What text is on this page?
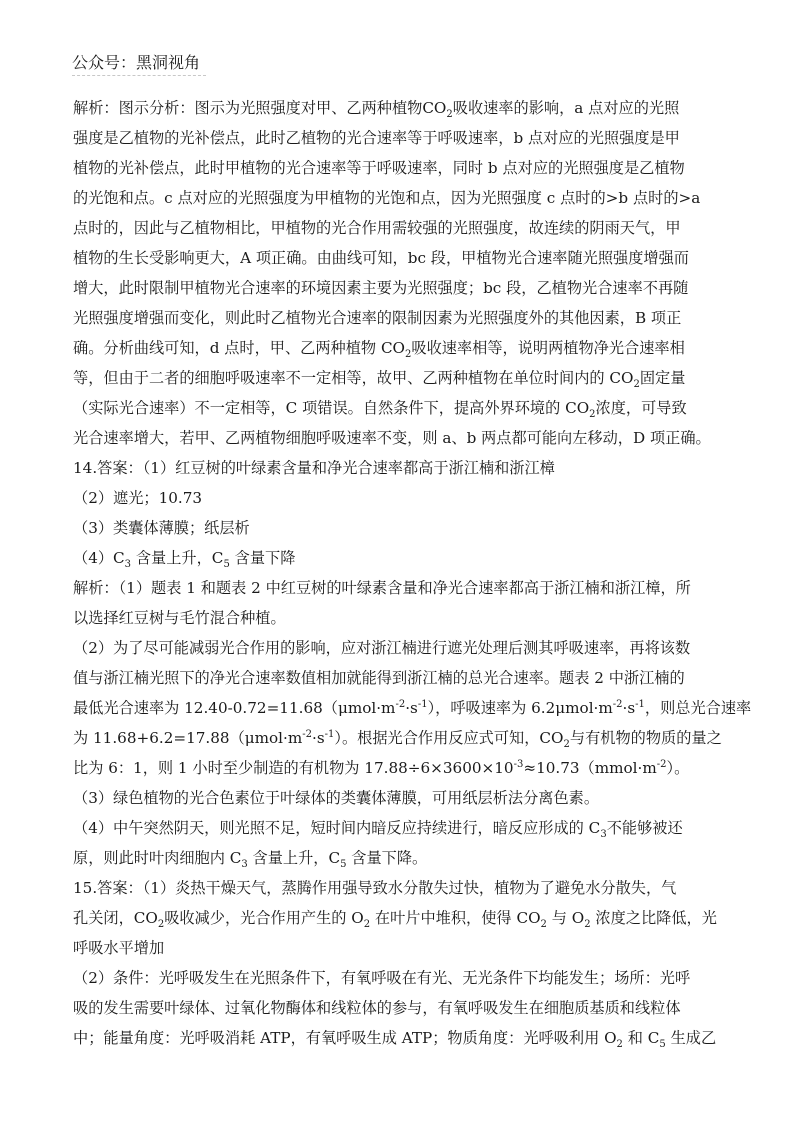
公众号：黑洞视角
解析：图示分析：图示为光照强度对甲、乙两种植物$CO_2$吸收速率的影响，a 点对应的光照
强度是乙植物的光补偿点，此时乙植物的光合速率等于呼吸速率，b 点对应的光照强度是甲
植物的光补偿点，此时甲植物的光合速率等于呼吸速率，同时 b 点对应的光照强度是乙植物
的光饱和点。c 点对应的光照强度为甲植物的光饱和点，因为光照强度 c 点时的>b 点时的>a
点时的，因此与乙植物相比，甲植物的光合作用需较强的光照强度，故连续的阴雨天气，甲
植物的生长受影响更大，A 项正确。由曲线可知，bc 段，甲植物光合速率随光照强度增强而
增大，此时限制甲植物光合速率的环境因素主要为光照强度；bc 段，乙植物光合速率不再随
光照强度增强而变化，则此时乙植物光合速率的限制因素为光照强度外的其他因素，B 项正
确。分析曲线可知，d 点时，甲、乙两种植物 $CO_2$吸收速率相等，说明两植物净光合速率相
等，但由于二者的细胞呼吸速率不一定相等，故甲、乙两种植物在单位时间内的 $CO_2$固定量
（实际光合速率）不一定相等，C 项错误。自然条件下，提高外界环境的 $CO_2$浓度，可导致
光合速率增大，若甲、乙两植物细胞呼吸速率不变，则 a、b 两点都可能向左移动，D 项正确。
14.答案：（1）红豆树的叶绿素含量和净光合速率都高于浙江楠和浙江樟
（2）遮光；10.73
（3）类囊体薄膜；纸层析
$(4)C_3$ 含量上升，$C_5$ 含量下降
解析：（1）题表 1 和题表 2 中红豆树的叶绿素含量和净光合速率都高于浙江楠和浙江樟，所
以选择红豆树与毛竹混合种植。
（2）为了尽可能减弱光合作用的影响，应对浙江楠进行遮光处理后测其呼吸速率，再将该数
值与浙江楠光照下的净光合速率数值相加就能得到浙江楠的总光合速率。题表 2 中浙江楠的
最低光合速率为 $12.40-0.72=11.68(\mu mol\cdot m^{-2}\cdot s^{-1})$，呼吸速率为 $6.2\mu mol\cdot m^{-2}\cdot s^{-1}$，则总光合速率
为 $11.68+6.2=17.88(\mu mol\cdot m^{-2}\cdot s^{-1})$。根据光合作用反应式可知，$CO_2$与有机物的物质的量之
比为 6：1，则 1 小时至少制造的有机物为 $17.88\div 6\times 3600\times 10^{-3}\approx 10.73(mmol\cdot m^{-2})$。
（3）绿色植物的光合色素位于叶绿体的类囊体薄膜，可用纸层析法分离色素。
（4）中午突然阴天，则光照不足，短时间内暗反应持续进行，暗反应形成的 $C_3$不能够被还
原，则此时叶肉细胞内 $C_3$ 含量上升，$C_5$ 含量下降。
15.答案：（1）炎热干燥天气，蒸腾作用强导致水分散失过快，植物为了避免水分散失，气
孔关闭，$CO_2$吸收减少，光合作用产生的 $O_2$ 在叶片中堆积，使得 $CO_2$ 与 $O_2$ 浓度之比降低，光
呼吸水平增加
（2）条件：光呼吸发生在光照条件下，有氧呼吸在有光、无光条件下均能发生；场所：光呼
吸的发生需要叶绿体、过氧化物酶体和线粒体的参与，有氧呼吸发生在细胞质基质和线粒体
中；能量角度：光呼吸消耗 ATP，有氧呼吸生成 ATP；物质角度：光呼吸利用 $O_2$ 和 $C_5$ 生成乙
